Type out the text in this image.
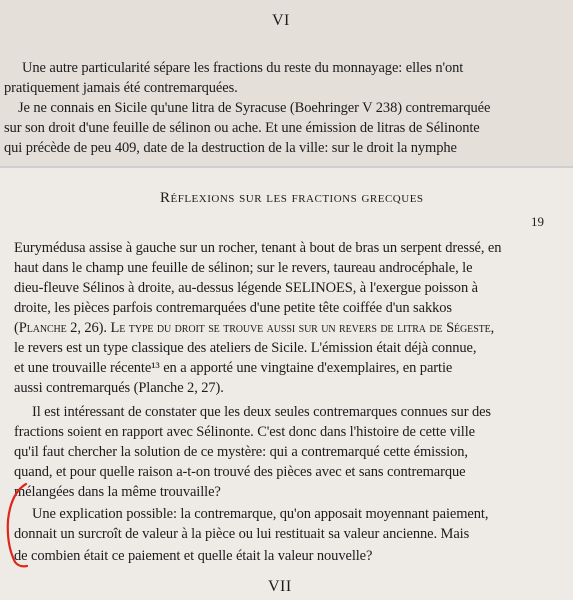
VI
Une autre particularité sépare les fractions du reste du monnayage: elles n'ont
pratiquement jamais été contremarquées.
Je ne connais en Sicile qu'une litra de Syracuse (Boehringer V 238) contremarquée
sur son droit d'une feuille de sélinon ou ache. Et une émission de litras de Sélinonte
qui précède de peu 409, date de la destruction de la ville: sur le droit la nymphe
Réflexions sur les fractions grecques
19
Eurymédusa assise à gauche sur un rocher, tenant à bout de bras un serpent dressé, en
haut dans le champ une feuille de sélinon; sur le revers, taureau androcéphale, le
dieu-fleuve Sélinos à droite, au-dessus légende SELINOES, à l'exergue poisson à
droite, les pièces parfois contremarquées d'une petite tête coiffée d'un sakkos
(Planche 2, 26). Le type du droit se trouve aussi sur un revers de litra de Ségeste,
le revers est un type classique des ateliers de Sicile. L'émission était déjà connue,
et une trouvaille récente¹³ en a apporté une vingtaine d'exemplaires, en partie
aussi contremarqués (Planche 2, 27).
Il est intéressant de constater que les deux seules contremarques connues sur des
fractions soient en rapport avec Sélinonte. C'est donc dans l'histoire de cette ville
qu'il faut chercher la solution de ce mystère: qui a contremarqué cette émission,
quand, et pour quelle raison a-t-on trouvé des pièces avec et sans contremarque
mélangées dans la même trouvaille?
Une explication possible: la contremarque, qu'on apposait moyennant paiement,
donnait un surcroît de valeur à la pièce ou lui restituait sa valeur ancienne. Mais
de combien était ce paiement et quelle était la valeur nouvelle?
VII
